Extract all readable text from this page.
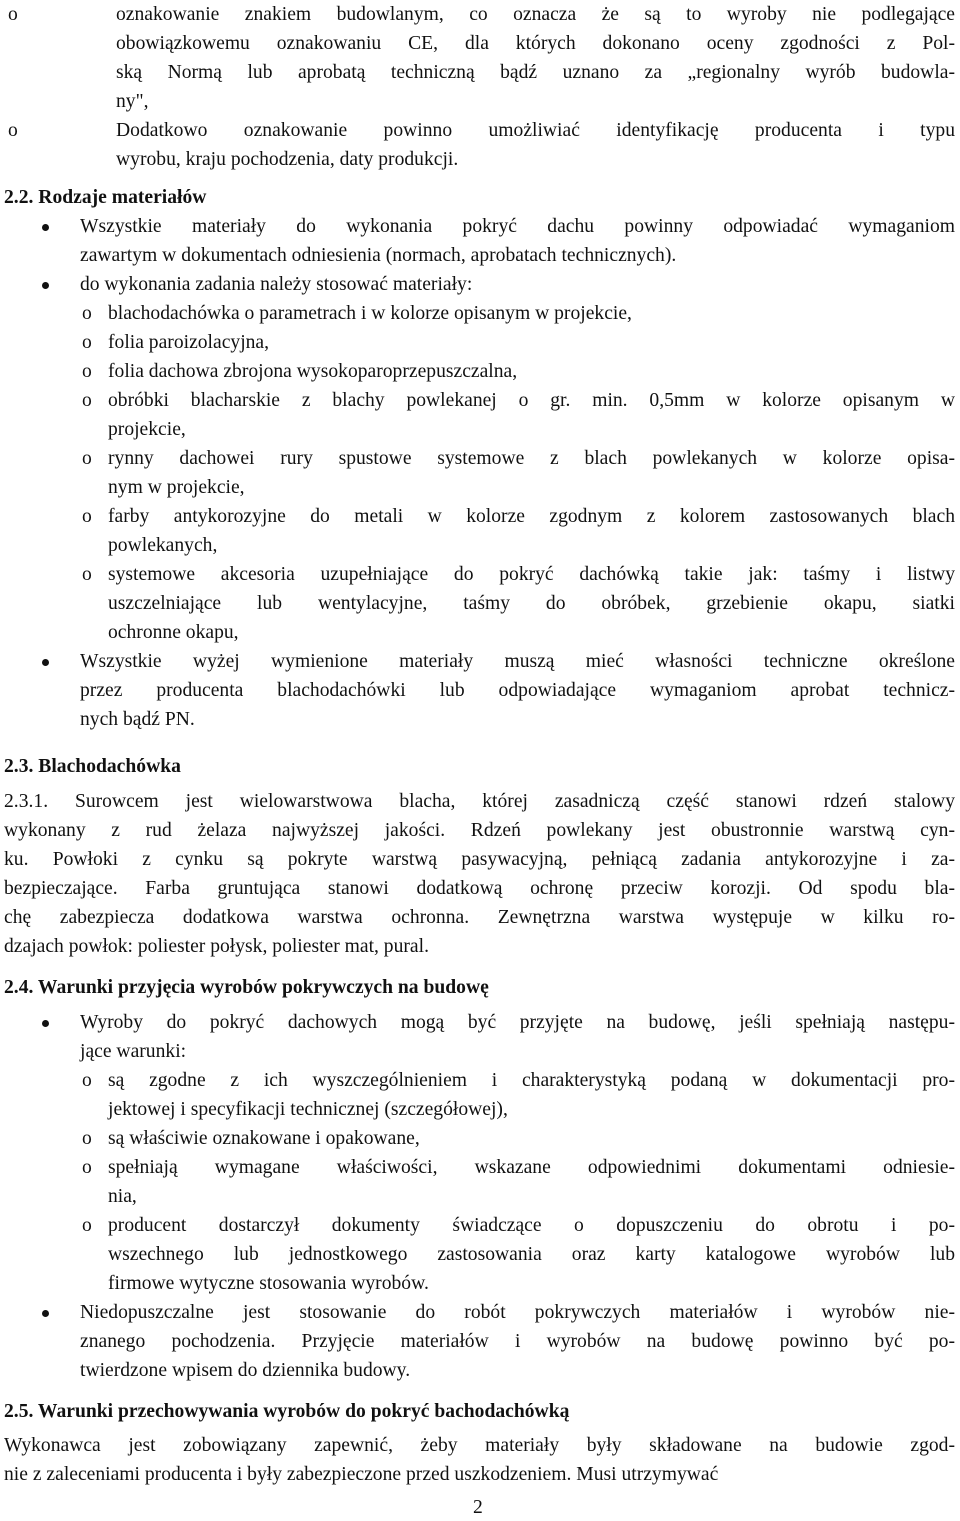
o	oznakowanie znakiem budowlanym, co oznacza że są to wyroby nie podlegające
obowiązkowemu oznakowaniu CE, dla których dokonano oceny zgodności z Pol-
ską Normą lub aprobatą techniczną bądź uznano za „regionalny wyrób budowla-
ny",
o	Dodatkowo oznakowanie powinno umożliwiać identyfikację producenta i typu
wyrobu, kraju pochodzenia, daty produkcji.
2.2. Rodzaje materiałów
Wszystkie materiały do wykonania pokryć dachu powinny odpowiadać wymaganiom
zawartym w dokumentach odniesienia (normach, aprobatach technicznych).
do wykonania zadania należy stosować materiały:
o blachodachówka o parametrach i w kolorze opisanym w projekcie,
o folia paroizolacyjna,
o folia dachowa zbrojona wysokoparoprzepuszczalna,
o obróbki blacharskie z blachy powlekanej o gr. min. 0,5mm w kolorze opisanym w
projekcie,
o rynny dachowei rury spustowe systemowe z blach powlekanych w kolorze opisa-
nym w projekcie,
o farby antykorozyjne do metali w kolorze zgodnym z kolorem zastosowanych blach
powlekanych,
o systemowe akcesoria uzupełniające do pokryć dachówką takie jak: taśmy i listwy
uszczelniające lub wentylacyjne, taśmy do obróbek, grzebienie okapu, siatki
ochronne okapu,
Wszystkie wyżej wymienione materiały muszą mieć własności techniczne określone
przez producenta blachodachówki lub odpowiadające wymaganiom aprobat technicz-
nych bądź PN.
2.3. Blachodachówka
2.3.1. Surowcem jest wielowarstwowa blacha, której zasadniczą część stanowi rdzeń stalowy
wykonany z rud żelaza najwyższej jakości. Rdzeń powlekany jest obustronnie warstwą cyn-
ku. Powłoki z cynku są pokryte warstwą pasywacyjną, pełniącą zadania antykorozyjne i za-
bezpieczające. Farba gruntująca stanowi dodatkową ochronę przeciw korozji. Od spodu bla-
chę zabezpiecza dodatkowa warstwa ochronna. Zewnętrzna warstwa występuje w kilku ro-
dzajach powłok: poliester połysk, poliester mat, pural.
2.4. Warunki przyjęcia wyrobów pokrywczych na budowę
Wyroby do pokryć dachowych mogą być przyjęte na budowę, jeśli spełniają następu-
jące warunki:
o są zgodne z ich wyszczególnieniem i charakterystyką podaną w dokumentacji pro-
jektowej i specyfikacji technicznej (szczegółowej),
o są właściwie oznakowane i opakowane,
o spełniają wymagane właściwości, wskazane odpowiednimi dokumentami odniesie-
nia,
o producent dostarczył dokumenty świadczące o dopuszczeniu do obrotu i po-
wszechnego lub jednostkowego zastosowania oraz karty katalogowe wyrobów lub
firmowe wytyczne stosowania wyrobów.
Niedopuszczalne jest stosowanie do robót pokrywczych materiałów i wyrobów nie-
znanego pochodzenia. Przyjęcie materiałów i wyrobów na budowę powinno być po-
twierdzone wpisem do dziennika budowy.
2.5. Warunki przechowywania wyrobów do pokryć bachodachówką
Wykonawca jest zobowiązany zapewnić, żeby materiały były składowane na budowie zgod-
nie z zaleceniami producenta i były zabezpieczone przed uszkodzeniem. Musi utrzymywać
2
